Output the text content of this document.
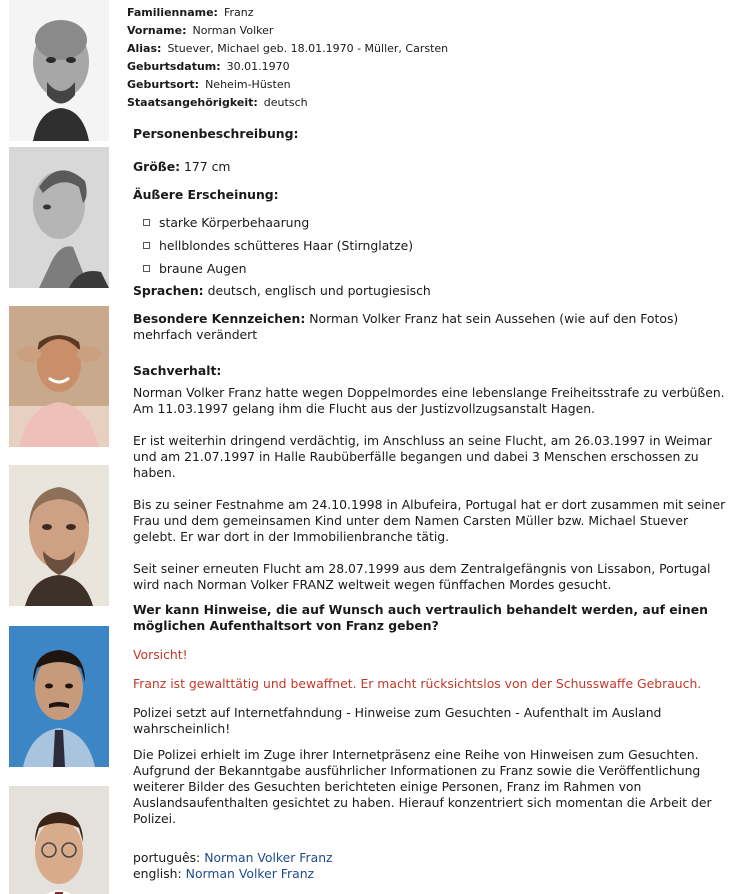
Familienname: Franz
Vorname: Norman Volker
Alias: Stuever, Michael geb. 18.01.1970 - Müller, Carsten
Geburtsdatum: 30.01.1970
Geburtsort: Neheim-Hüsten
Staatsangehörigkeit: deutsch

Personenbeschreibung:

Größe: 177 cm

Äußere Erscheinung:

starke Körperbehaarung
hellblondes schütteres Haar (Stirnglatze)
braune Augen

Sprachen: deutsch, englisch und portugiesisch

Besondere Kennzeichen: Norman Volker Franz hat sein Aussehen (wie auf den Fotos) mehrfach verändert

Sachverhalt:

Norman Volker Franz hatte wegen Doppelmordes eine lebenslange Freiheitsstrafe zu verbüßen. Am 11.03.1997 gelang ihm die Flucht aus der Justizvollzugsanstalt Hagen.

Er ist weiterhin dringend verdächtig, im Anschluss an seine Flucht, am 26.03.1997 in Weimar und am 21.07.1997 in Halle Raubüberfälle begangen und dabei 3 Menschen erschossen zu haben.

Bis zu seiner Festnahme am 24.10.1998 in Albufeira, Portugal hat er dort zusammen mit seiner Frau und dem gemeinsamen Kind unter dem Namen Carsten Müller bzw. Michael Stuever gelebt. Er war dort in der Immobilienbranche tätig.

Seit seiner erneuten Flucht am 28.07.1999 aus dem Zentralgefängnis von Lissabon, Portugal wird nach Norman Volker FRANZ weltweit wegen fünffachen Mordes gesucht.

Wer kann Hinweise, die auf Wunsch auch vertraulich behandelt werden, auf einen möglichen Aufenthaltsort von Franz geben?

Vorsicht!

Franz ist gewalttätig und bewaffnet. Er macht rücksichtslos von der Schusswaffe Gebrauch.

Polizei setzt auf Internetfahndung - Hinweise zum Gesuchten - Aufenthalt im Ausland wahrscheinlich!

Die Polizei erhielt im Zuge ihrer Internetpräsenz eine Reihe von Hinweisen zum Gesuchten. Aufgrund der Bekanntgabe ausführlicher Informationen zu Franz sowie die Veröffentlichung weiterer Bilder des Gesuchten berichteten einige Personen, Franz im Rahmen von Auslandsaufenthalten gesichtet zu haben. Hierauf konzentriert sich momentan die Arbeit der Polizei.

português: Norman Volker Franz

english: Norman Volker Franz
